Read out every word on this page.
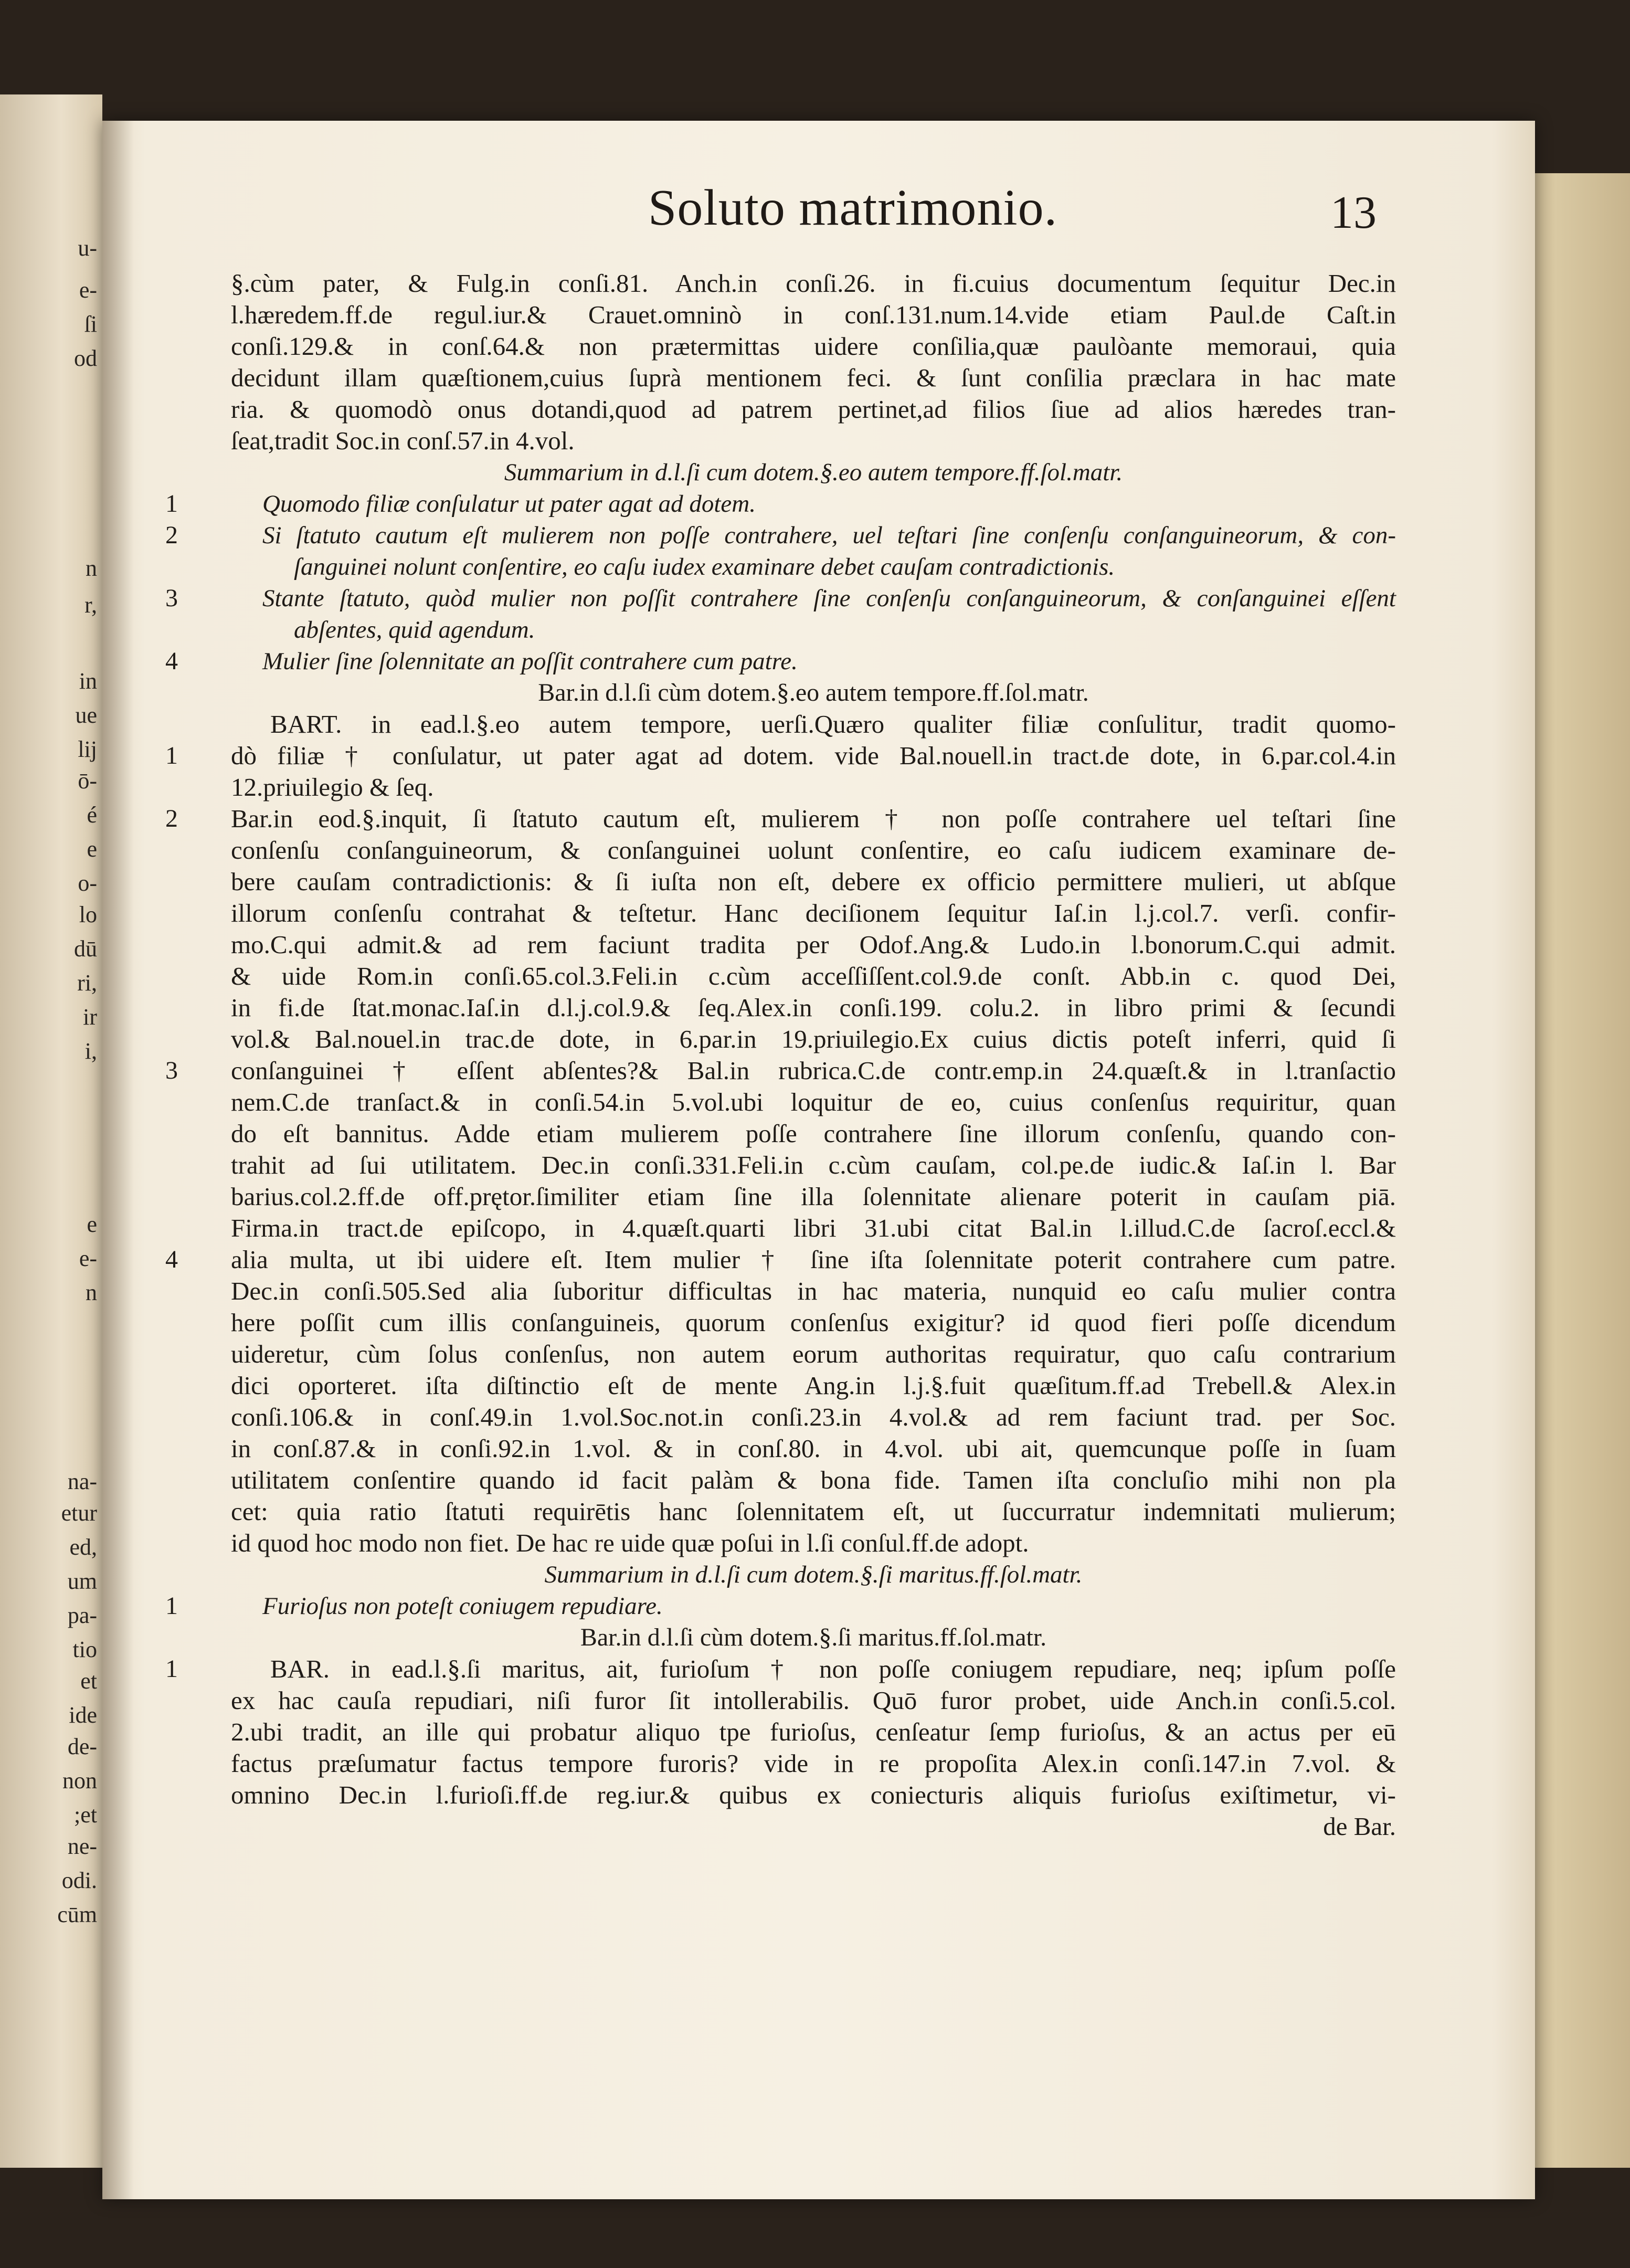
u-
e-
ſi
od
n
r,
in
ue
lij
ō-
é
e
o-
lo
dū
ri,
ir
i,
e
e-
n
na-
etur
ed,
um
pa-
tio
et
ide
de-
non
;et
ne-
odi.
cūm
Soluto matrimonio.	13
§.cùm pater, & Fulg.in conſi.81. Anch.in conſi.26. in fi.cuius documentum ſequitur Dec.in
l.hæredem.ff.de regul.iur.& Crauet.omninò in conſ.131.num.14.vide etiam Paul.de Caſt.in
conſi.129.& in conſ.64.& non prætermittas uidere conſilia,quæ paulòante memoraui, quia
decidunt illam quæſtionem,cuius ſuprà mentionem feci. & ſunt conſilia præclara in hac mate
ria. & quomodò onus dotandi,quod ad patrem pertinet,ad filios ſiue ad alios hæredes tran-
ſeat,tradit Soc.in conſ.57.in 4.vol.
Summarium in d.l.ſi cum dotem.§.eo autem tempore.ff.ſol.matr.
Quomodo filiæ conſulatur ut pater agat ad dotem.
1
Si ſtatuto cautum eſt mulierem non poſſe contrahere, uel teſtari ſine conſenſu conſanguineorum, & con-
2
ſanguinei nolunt conſentire, eo caſu iudex examinare debet cauſam contradictionis.
Stante ſtatuto, quòd mulier non poſſit contrahere ſine conſenſu conſanguineorum, & conſanguinei eſſent
3
abſentes, quid agendum.
Mulier ſine ſolennitate an poſſit contrahere cum patre.
4
Bar.in d.l.ſi cùm dotem.§.eo autem tempore.ff.ſol.matr.
BART. in ead.l.§.eo autem tempore, uerſi.Quæro qualiter filiæ conſulitur, tradit quomo-
dò filiæ † conſulatur, ut pater agat ad dotem. vide Bal.nouell.in tract.de dote, in 6.par.col.4.in
1
12.priuilegio & ſeq.
Bar.in eod.§.inquit, ſi ſtatuto cautum eſt, mulierem † non poſſe contrahere uel teſtari ſine
2
conſenſu conſanguineorum, & conſanguinei uolunt conſentire, eo caſu iudicem examinare de-
bere cauſam contradictionis: & ſi iuſta non eſt, debere ex officio permittere mulieri, ut abſque
illorum conſenſu contrahat & teſtetur. Hanc deciſionem ſequitur Iaſ.in l.j.col.7. verſi. confir-
mo.C.qui admit.& ad rem faciunt tradita per Odof.Ang.& Ludo.in l.bonorum.C.qui admit.
& uide Rom.in conſi.65.col.3.Feli.in c.cùm acceſſiſſent.col.9.de conſt. Abb.in c. quod Dei,
in fi.de ſtat.monac.Iaſ.in d.l.j.col.9.& ſeq.Alex.in conſi.199. colu.2. in libro primi & ſecundi
vol.& Bal.nouel.in trac.de dote, in 6.par.in 19.priuilegio.Ex cuius dictis poteſt inferri, quid ſi
conſanguinei † eſſent abſentes?& Bal.in rubrica.C.de contr.emp.in 24.quæſt.& in l.tranſactio
3
nem.C.de tranſact.& in conſi.54.in 5.vol.ubi loquitur de eo, cuius conſenſus requiritur, quan
do eſt bannitus. Adde etiam mulierem poſſe contrahere ſine illorum conſenſu, quando con-
trahit ad ſui utilitatem. Dec.in conſi.331.Feli.in c.cùm cauſam, col.pe.de iudic.& Iaſ.in l. Bar
barius.col.2.ff.de off.prętor.ſimiliter etiam ſine illa ſolennitate alienare poterit in cauſam piā.
Firma.in tract.de epiſcopo, in 4.quæſt.quarti libri 31.ubi citat Bal.in l.illud.C.de ſacroſ.eccl.&
alia multa, ut ibi uidere eſt. Item mulier † ſine iſta ſolennitate poterit contrahere cum patre.
4
Dec.in conſi.505.Sed alia ſuboritur difficultas in hac materia, nunquid eo caſu mulier contra
here poſſit cum illis conſanguineis, quorum conſenſus exigitur? id quod fieri poſſe dicendum
uideretur, cùm ſolus conſenſus, non autem eorum authoritas requiratur, quo caſu contrarium
dici oporteret. iſta diſtinctio eſt de mente Ang.in l.j.§.fuit quæſitum.ff.ad Trebell.& Alex.in
conſi.106.& in conſ.49.in 1.vol.Soc.not.in conſi.23.in 4.vol.& ad rem faciunt trad. per Soc.
in conſ.87.& in conſi.92.in 1.vol. & in conſ.80. in 4.vol. ubi ait, quemcunque poſſe in ſuam
utilitatem conſentire quando id facit palàm & bona fide. Tamen iſta concluſio mihi non pla
cet: quia ratio ſtatuti requirētis hanc ſolennitatem eſt, ut ſuccurratur indemnitati mulierum;
id quod hoc modo non fiet. De hac re uide quæ poſui in l.ſi conſul.ff.de adopt.
Summarium in d.l.ſi cum dotem.§.ſi maritus.ff.ſol.matr.
Furioſus non poteſt coniugem repudiare.
1
Bar.in d.l.ſi cùm dotem.§.ſi maritus.ff.ſol.matr.
BAR. in ead.l.§.ſi maritus, ait, furioſum † non poſſe coniugem repudiare, neq; ipſum poſſe
1
ex hac cauſa repudiari, niſi furor ſit intollerabilis. Quō furor probet, uide Anch.in conſi.5.col.
2.ubi tradit, an ille qui probatur aliquo tpe furioſus, cenſeatur ſemp furioſus, & an actus per eū
factus præſumatur factus tempore furoris? vide in re propoſita Alex.in conſi.147.in 7.vol. &
omnino Dec.in l.furioſi.ff.de reg.iur.& quibus ex coniecturis aliquis furioſus exiſtimetur, vi-
de Bar.
